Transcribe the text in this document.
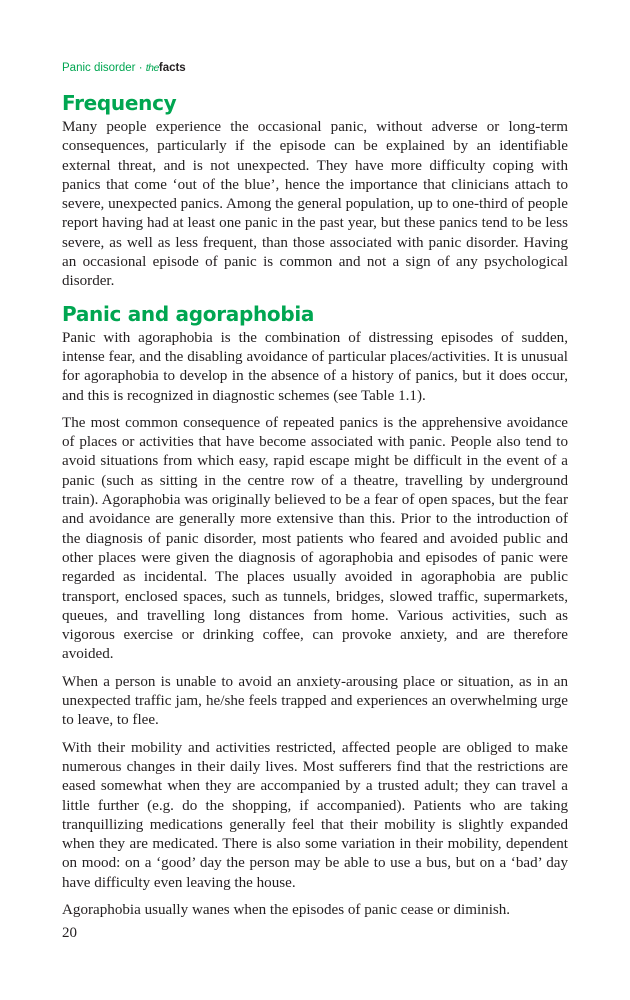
Panic disorder · thefacts
Frequency

Many people experience the occasional panic, without adverse or long-term consequences, particularly if the episode can be explained by an identifiable external threat, and is not unexpected. They have more difficulty coping with panics that come ‘out of the blue’, hence the importance that clinicians attach to severe, unexpected panics. Among the general population, up to one-third of people report having had at least one panic in the past year, but these panics tend to be less severe, as well as less frequent, than those associated with panic disorder. Having an occasional episode of panic is common and not a sign of any psychological disorder.

Panic and agoraphobia

Panic with agoraphobia is the combination of distressing episodes of sudden, intense fear, and the disabling avoidance of particular places/activities. It is unusual for agoraphobia to develop in the absence of a history of panics, but it does occur, and this is recognized in diagnostic schemes (see Table 1.1).

The most common consequence of repeated panics is the apprehensive avoidance of places or activities that have become associated with panic. People also tend to avoid situations from which easy, rapid escape might be difficult in the event of a panic (such as sitting in the centre row of a theatre, travelling by underground train). Agoraphobia was originally believed to be a fear of open spaces, but the fear and avoidance are generally more extensive than this. Prior to the introduction of the diagnosis of panic disorder, most patients who feared and avoided public and other places were given the diagnosis of agoraphobia and episodes of panic were regarded as incidental. The places usually avoided in agoraphobia are public transport, enclosed spaces, such as tunnels, bridges, slowed traffic, supermarkets, queues, and travelling long distances from home. Various activities, such as vigorous exercise or drinking coffee, can provoke anxiety, and are therefore avoided.

When a person is unable to avoid an anxiety-arousing place or situation, as in an unexpected traffic jam, he/she feels trapped and experiences an overwhelming urge to leave, to flee.

With their mobility and activities restricted, affected people are obliged to make numerous changes in their daily lives. Most sufferers find that the restrictions are eased somewhat when they are accompanied by a trusted adult; they can travel a little further (e.g. do the shopping, if accompanied). Patients who are taking tranquillizing medications generally feel that their mobility is slightly expanded when they are medicated. There is also some variation in their mobility, dependent on mood: on a ‘good’ day the person may be able to use a bus, but on a ‘bad’ day have difficulty even leaving the house.

Agoraphobia usually wanes when the episodes of panic cease or diminish.

20
